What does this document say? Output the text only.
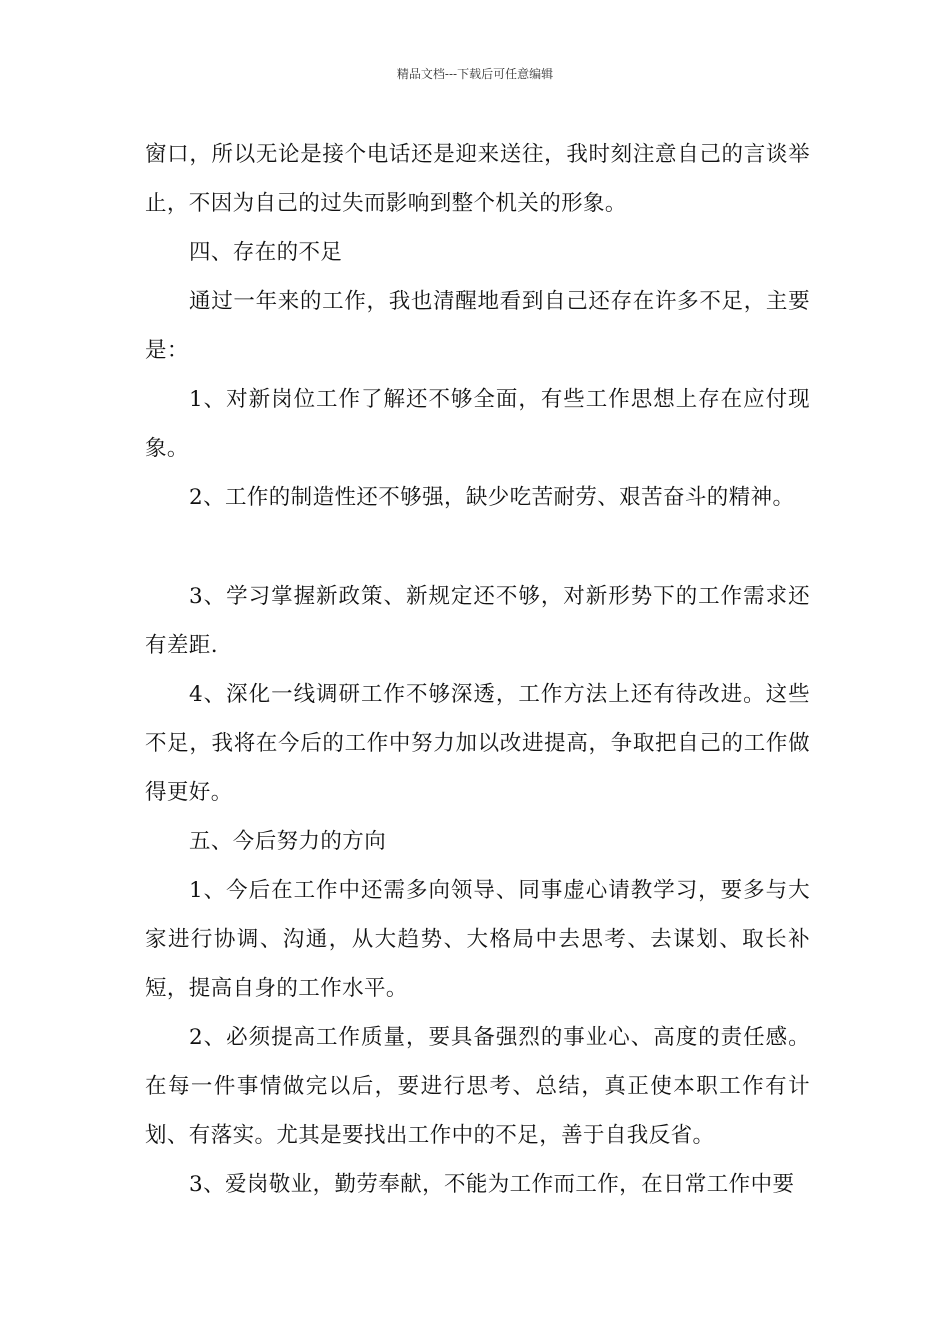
精品文档---下载后可任意编辑

窗口，所以无论是接个电话还是迎来送往，我时刻注意自己的言谈举止，不因为自己的过失而影响到整个机关的形象。

四、存在的不足

通过一年来的工作，我也清醒地看到自己还存在许多不足，主要是：

1、对新岗位工作了解还不够全面，有些工作思想上存在应付现象。

2、工作的制造性还不够强，缺少吃苦耐劳、艰苦奋斗的精神。

3、学习掌握新政策、新规定还不够，对新形势下的工作需求还有差距.

4、深化一线调研工作不够深透，工作方法上还有待改进。这些不足，我将在今后的工作中努力加以改进提高，争取把自己的工作做得更好。

五、今后努力的方向

1、今后在工作中还需多向领导、同事虚心请教学习，要多与大家进行协调、沟通，从大趋势、大格局中去思考、去谋划、取长补短，提高自身的工作水平。

2、必须提高工作质量，要具备强烈的事业心、高度的责任感。在每一件事情做完以后，要进行思考、总结，真正使本职工作有计划、有落实。尤其是要找出工作中的不足，善于自我反省。

3、爱岗敬业，勤劳奉献，不能为工作而工作，在日常工作中要
